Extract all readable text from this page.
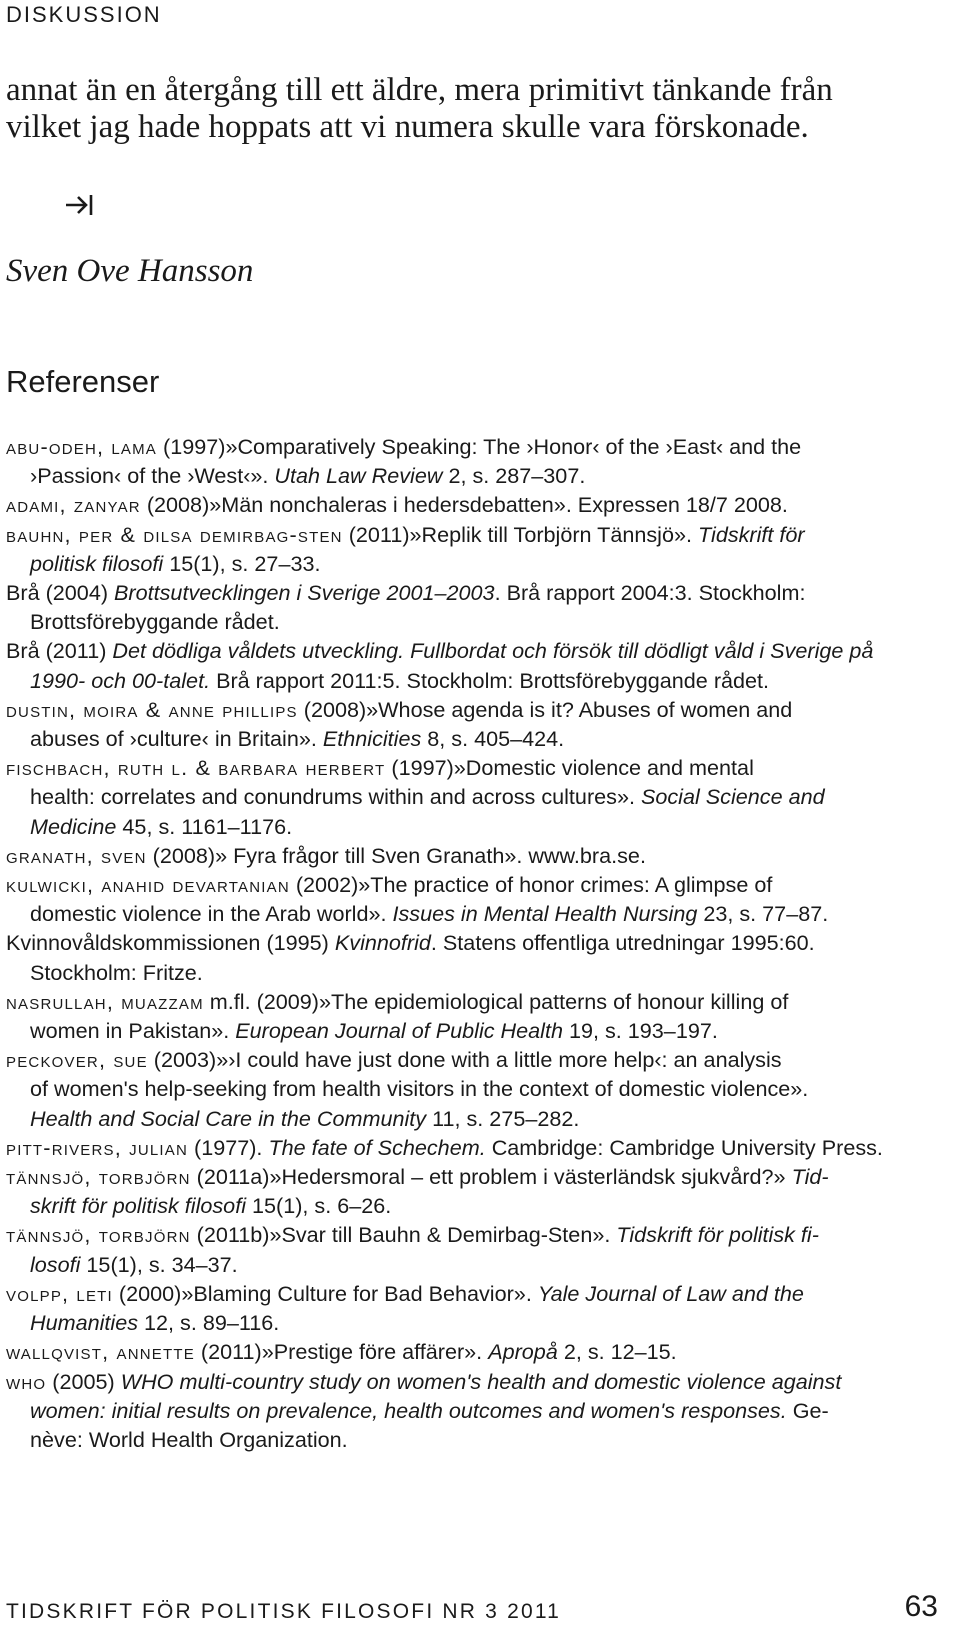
DISKUSSION

annat än en återgång till ett äldre, mera primitivt tänkande från

vilket jag hade hoppats att vi numera skulle vara förskonade.

Sven Ove Hansson
Referenser

abu-odeh, lama (1997)»Comparatively Speaking: The ›Honor‹ of the ›East‹ and the
›Passion‹ of the ›West‹». Utah Law Review 2, s. 287–307.

adami, zanyar (2008)»Män nonchaleras i hedersdebatten». Expressen 18/7 2008.

bauhn, per & dilsa demirbag-sten (2011)»Replik till Torbjörn Tännsjö». Tidskrift för
politisk filosofi 15(1), s. 27–33.

Brå (2004) Brottsutvecklingen i Sverige 2001–2003. Brå rapport 2004:3. Stockholm:
Brottsförebyggande rådet.

Brå (2011) Det dödliga våldets utveckling. Fullbordat och försök till dödligt våld i Sverige på
1990- och 00-talet. Brå rapport 2011:5. Stockholm: Brottsförebyggande rådet.

dustin, moira & anne phillips (2008)»Whose agenda is it? Abuses of women and
abuses of ›culture‹ in Britain». Ethnicities 8, s. 405–424.

fischbach, ruth l. & barbara herbert (1997)»Domestic violence and mental
health: correlates and conundrums within and across cultures». Social Science and
Medicine 45, s. 1161–1176.

granath, sven (2008)» Fyra frågor till Sven Granath». www.bra.se.

kulwicki, anahid devartanian (2002)»The practice of honor crimes: A glimpse of
domestic violence in the Arab world». Issues in Mental Health Nursing 23, s. 77–87.

Kvinnovåldskommissionen (1995) Kvinnofrid. Statens offentliga utredningar 1995:60.
Stockholm: Fritze.

nasrullah, muazzam m.fl. (2009)»The epidemiological patterns of honour killing of
women in Pakistan». European Journal of Public Health 19, s. 193–197.

peckover, sue (2003)»›I could have just done with a little more help‹: an analysis
of women's help-seeking from health visitors in the context of domestic violence».
Health and Social Care in the Community 11, s. 275–282.

pitt-rivers, julian (1977). The fate of Schechem. Cambridge: Cambridge University Press.

tännsjö, torbjörn (2011a)»Hedersmoral – ett problem i västerländsk sjukvård?» Tid-
skrift för politisk filosofi 15(1), s. 6–26.

tännsjö, torbjörn (2011b)»Svar till Bauhn & Demirbag-Sten». Tidskrift för politisk fi-
losofi 15(1), s. 34–37.

volpp, leti (2000)»Blaming Culture for Bad Behavior». Yale Journal of Law and the
Humanities 12, s. 89–116.

wallqvist, annette (2011)»Prestige före affärer». Apropå 2, s. 12–15.

who (2005) WHO multi-country study on women's health and domestic violence against
women: initial results on prevalence, health outcomes and women's responses. Ge-
nève: World Health Organization.

TIDSKRIFT FÖR POLITISK FILOSOFI NR 3 2011	63
